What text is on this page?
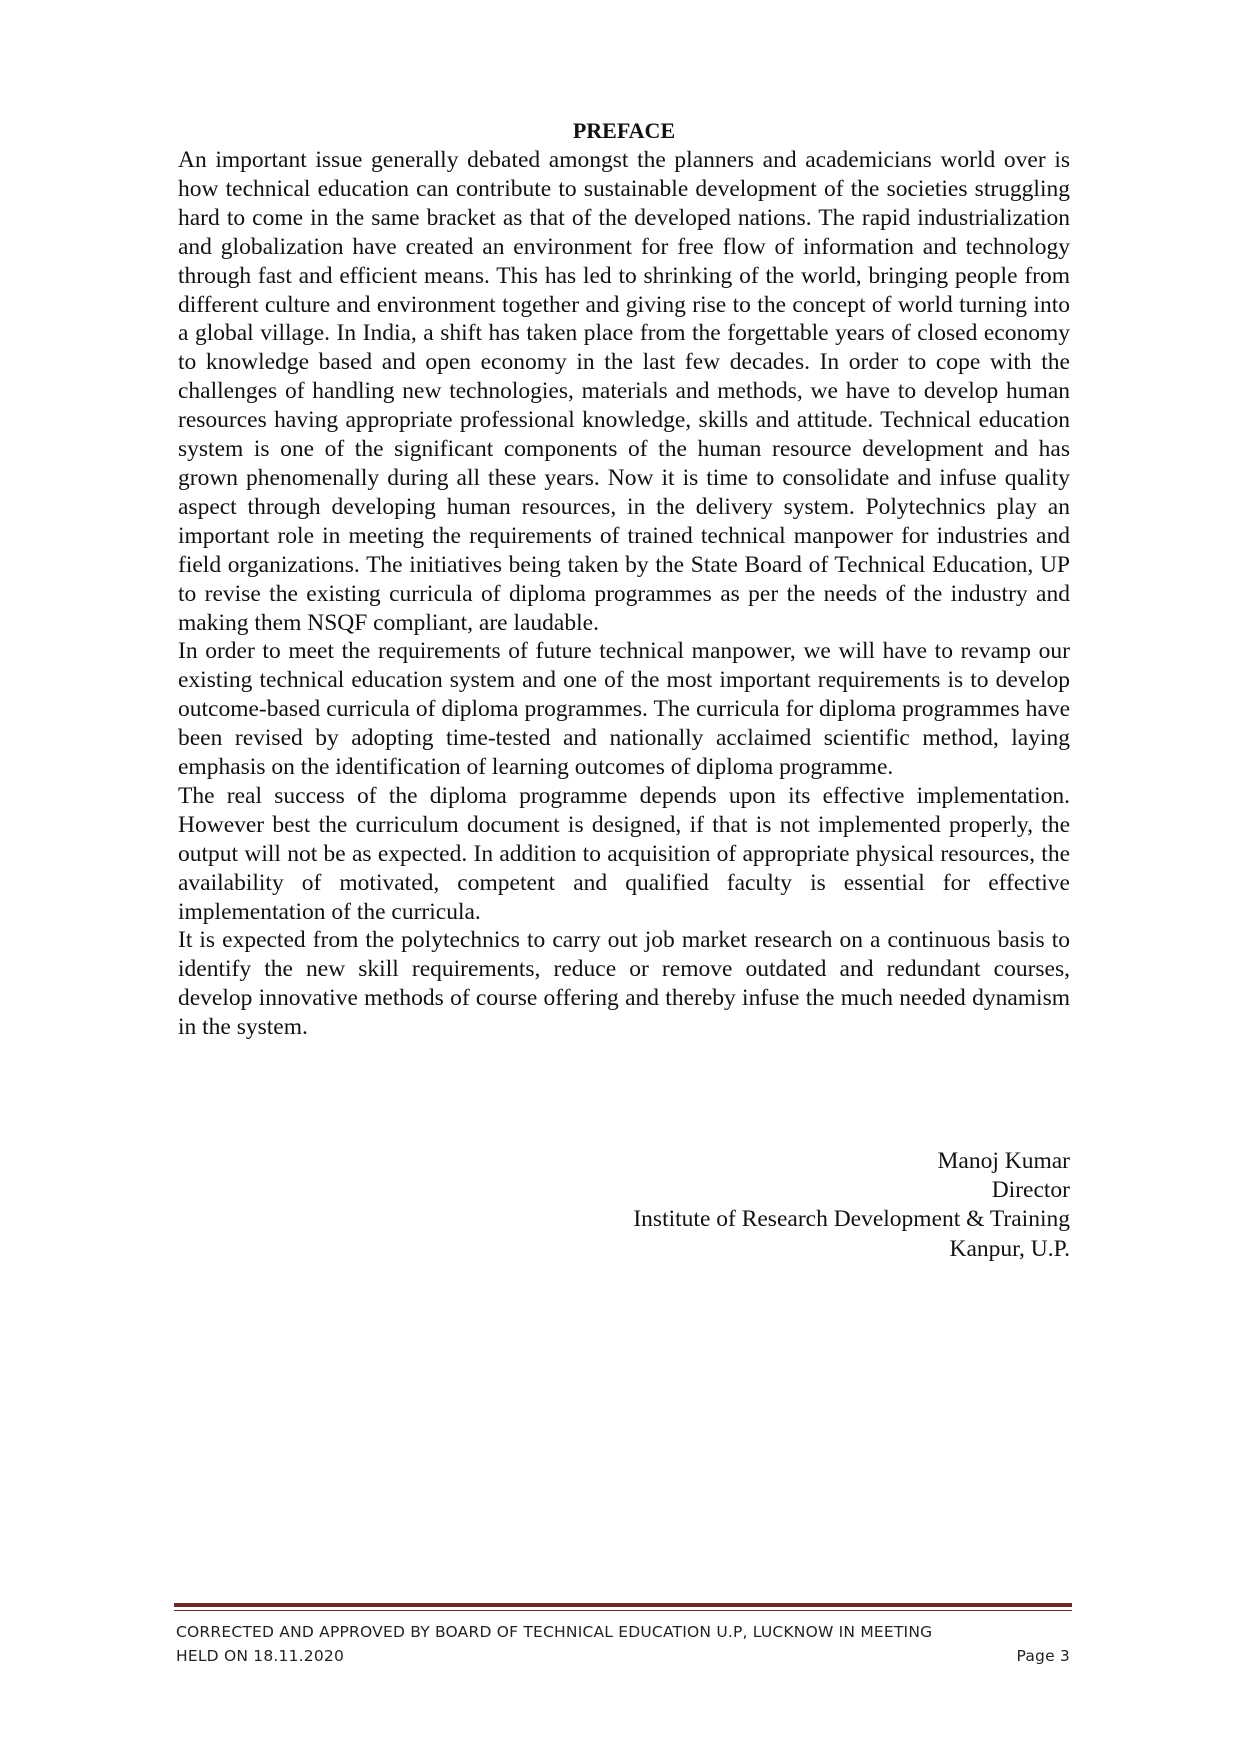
PREFACE

An important issue generally debated amongst the planners and academicians world over is how technical education can contribute to sustainable development of the societies struggling hard to come in the same bracket as that of the developed nations. The rapid industrialization and globalization have created an environment for free flow of information and technology through fast and efficient means. This has led to shrinking of the world, bringing people from different culture and environment together and giving rise to the concept of world turning into a global village. In India, a shift has taken place from the forgettable years of closed economy to knowledge based and open economy in the last few decades. In order to cope with the challenges of handling new technologies, materials and methods, we have to develop human resources having appropriate professional knowledge, skills and attitude. Technical education system is one of the significant components of the human resource development and has grown phenomenally during all these years. Now it is time to consolidate and infuse quality aspect through developing human resources, in the delivery system. Polytechnics play an important role in meeting the requirements of trained technical manpower for industries and field organizations. The initiatives being taken by the State Board of Technical Education, UP to revise the existing curricula of diploma programmes as per the needs of the industry and making them NSQF compliant, are laudable.

In order to meet the requirements of future technical manpower, we will have to revamp our existing technical education system and one of the most important requirements is to develop outcome-based curricula of diploma programmes. The curricula for diploma programmes have been revised by adopting time-tested and nationally acclaimed scientific method, laying emphasis on the identification of learning outcomes of diploma programme.

The real success of the diploma programme depends upon its effective implementation. However best the curriculum document is designed, if that is not implemented properly, the output will not be as expected. In addition to acquisition of appropriate physical resources, the availability of motivated, competent and qualified faculty is essential for effective implementation of the curricula.

It is expected from the polytechnics to carry out job market research on a continuous basis to identify the new skill requirements, reduce or remove outdated and redundant courses, develop innovative methods of course offering and thereby infuse the much needed dynamism in the system.

Manoj Kumar
Director
Institute of Research Development & Training
Kanpur, U.P.
CORRECTED AND APPROVED BY BOARD OF TECHNICAL EDUCATION U.P, LUCKNOW IN MEETING
HELD ON 18.11.2020	Page 3
